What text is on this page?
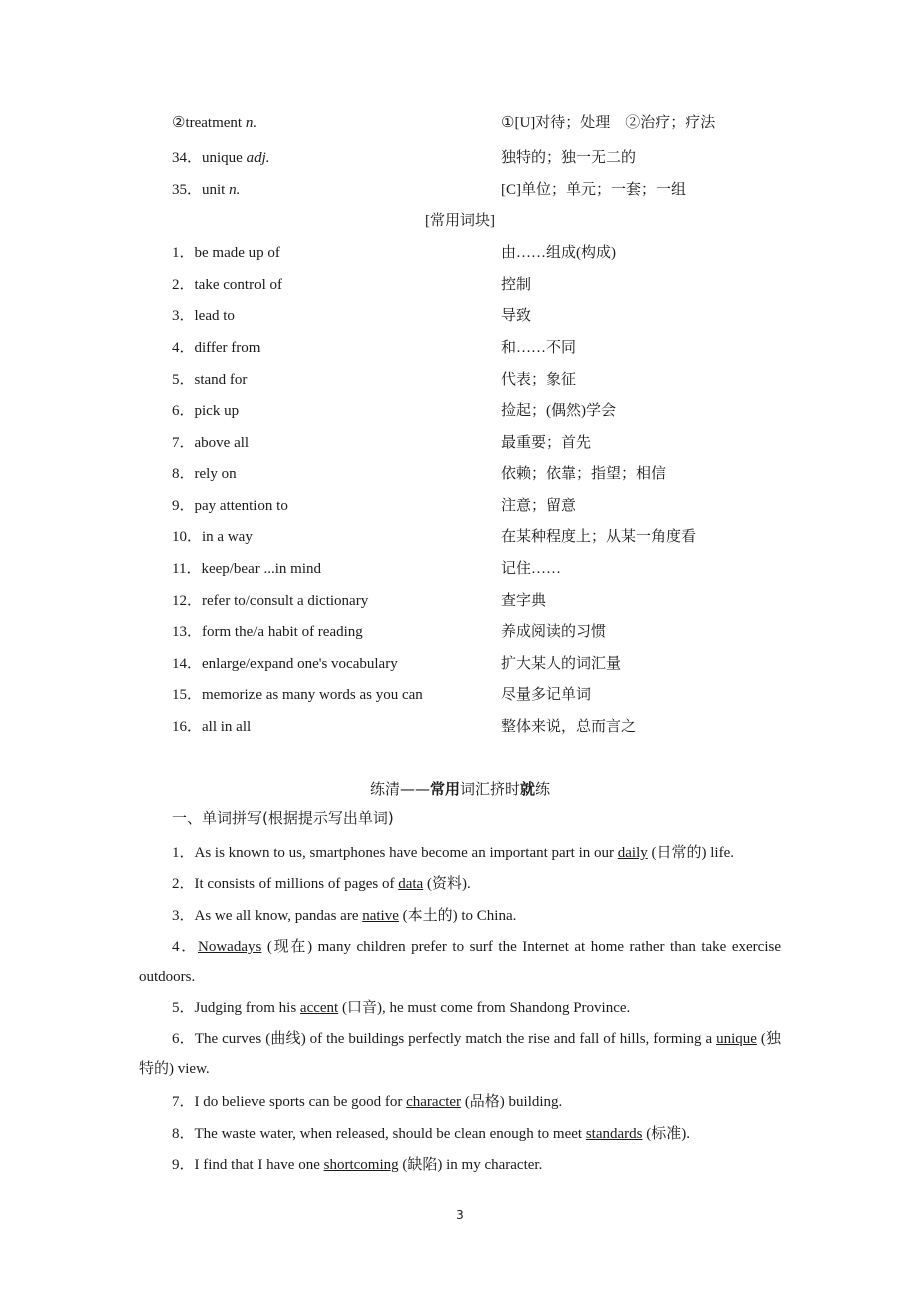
②treatment n.	①[U]对待；处理　②治疗；疗法
34．unique adj.	独特的；独一无二的
35．unit n.	[C]单位；单元；一套；一组
[常用词块]
1．be made up of	由……组成(构成)
2．take control of	控制
3．lead to	导致
4．differ from	和……不同
5．stand for	代表；象征
6．pick up	捡起；(偶然)学会
7．above all	最重要；首先
8．rely on	依赖；依靠；指望；相信
9．pay attention to	注意；留意
10．in a way	在某种程度上；从某一角度看
11．keep/bear ...in mind	记住……
12．refer to/consult a dictionary	查字典
13．form the/a habit of reading	养成阅读的习惯
14．enlarge/expand one's vocabulary	扩大某人的词汇量
15．memorize as many words as you can	尽量多记单词
16．all in all	整体来说，总而言之
练清——常用词汇挤时就练
一、单词拼写(根据提示写出单词)
1．As is known to us, smartphones have become an important part in our daily (日常的) life.
2．It consists of millions of pages of data (资料).
3．As we all know, pandas are native (本土的) to China.
4．Nowadays (现在) many children prefer to surf the Internet at home rather than take exercise outdoors.
5．Judging from his accent (口音), he must come from Shandong Province.
6．The curves (曲线) of the buildings perfectly match the rise and fall of hills, forming a unique (独特的) view.
7．I do believe sports can be good for character (品格) building.
8．The waste water, when released, should be clean enough to meet standards (标准).
9．I find that I have one shortcoming (缺陷) in my character.
3
